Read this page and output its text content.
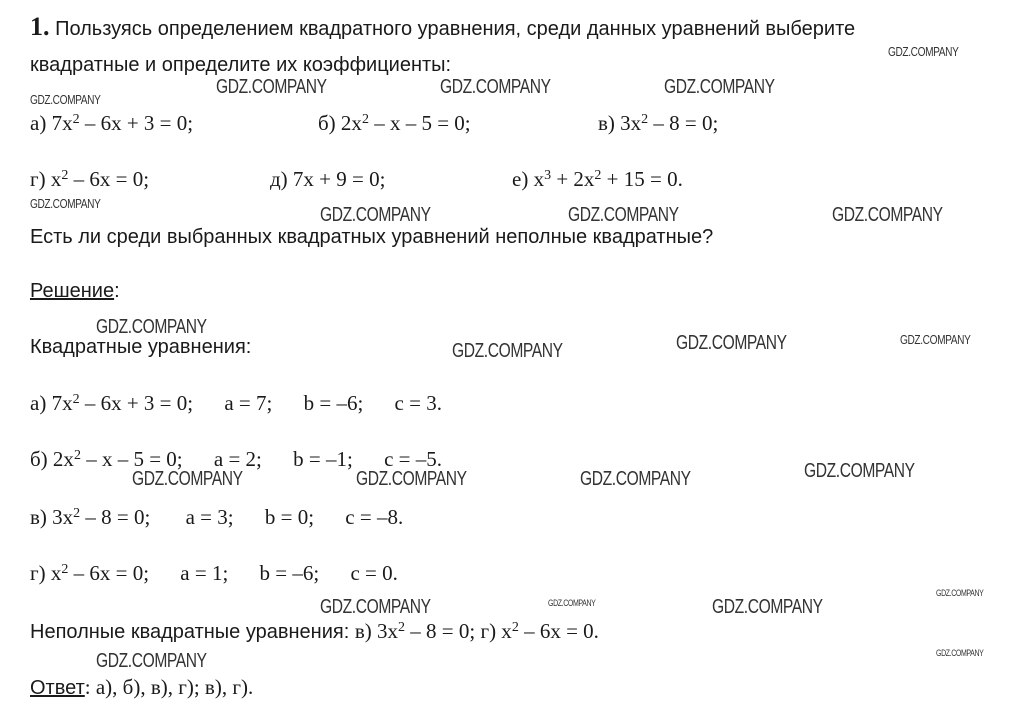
1. Пользуясь определением квадратного уравнения, среди данных уравнений выберите
квадратные и определите их коэффициенты:
а) $7x^2 - 6x + 3 = 0$;	б) $2x^2 - x - 5 = 0$;	в) $3x^2 - 8 = 0$;
г) $x^2 - 6x = 0$;	д) 7x + 9 = 0;	е) $x^3 + 2x^2 + 15 = 0$.
Есть ли среди выбранных квадратных уравнений неполные квадратные?
Решение:
Квадратные уравнения:
а) $7x^2 - 6x + 3 = 0$; a = 7; b = –6; c = 3.
б) $2x^2 - x - 5 = 0$; a = 2; b = –1; c = –5.
в) $3x^2 - 8 = 0$; a = 3; b = 0; c = –8.
г) $x^2 - 6x = 0$; a = 1; b = –6; c = 0.
Неполные квадратные уравнения: в) $3x^2 - 8 = 0$; г) $x^2 - 6x = 0$.
Ответ: а), б), в), г); в), г).
GDZ.COMPANY
GDZ.COMPANY	GDZ.COMPANY	GDZ.COMPANY
GDZ.COMPANY
GDZ.COMPANY
GDZ.COMPANY	GDZ.COMPANY	GDZ.COMPANY
GDZ.COMPANY
GDZ.COMPANY	GDZ.COMPANY
GDZ.COMPANY
GDZ.COMPANY
GDZ.COMPANY	GDZ.COMPANY	GDZ.COMPANY
GDZ.COMPANY
GDZ.COMPANY
GDZ.COMPANY	GDZ.COMPANY
GDZ.COMPANY
GDZ.COMPANY
